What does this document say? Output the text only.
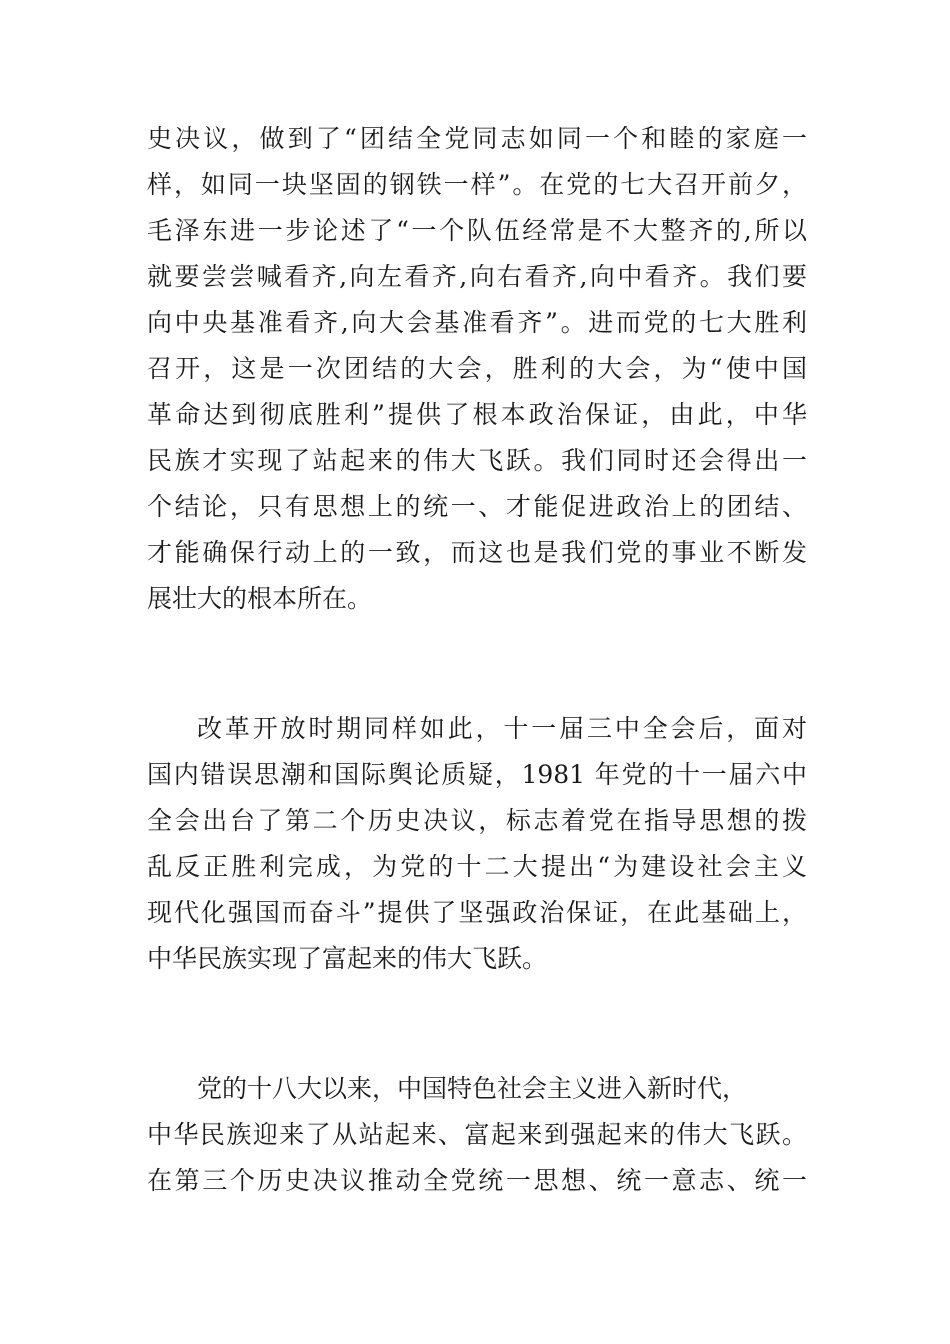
史决议，做到了“团结全党同志如同一个和睦的家庭一
样，如同一块坚固的钢铁一样”。在党的七大召开前夕，
毛泽东进一步论述了“一个队伍经常是不大整齐的,所以
就要尝尝喊看齐,向左看齐,向右看齐,向中看齐。我们要
向中央基准看齐,向大会基准看齐”。进而党的七大胜利
召开，这是一次团结的大会，胜利的大会，为“使中国
革命达到彻底胜利”提供了根本政治保证，由此，中华
民族才实现了站起来的伟大飞跃。我们同时还会得出一
个结论，只有思想上的统一、才能促进政治上的团结、
才能确保行动上的一致，而这也是我们党的事业不断发
展壮大的根本所在。
改革开放时期同样如此，十一届三中全会后，面对
国内错误思潮和国际舆论质疑，1981 年党的十一届六中
全会出台了第二个历史决议，标志着党在指导思想的拨
乱反正胜利完成，为党的十二大提出“为建设社会主义
现代化强国而奋斗”提供了坚强政治保证，在此基础上，
中华民族实现了富起来的伟大飞跃。
党的十八大以来，中国特色社会主义进入新时代，
中华民族迎来了从站起来、富起来到强起来的伟大飞跃。
在第三个历史决议推动全党统一思想、统一意志、统一
